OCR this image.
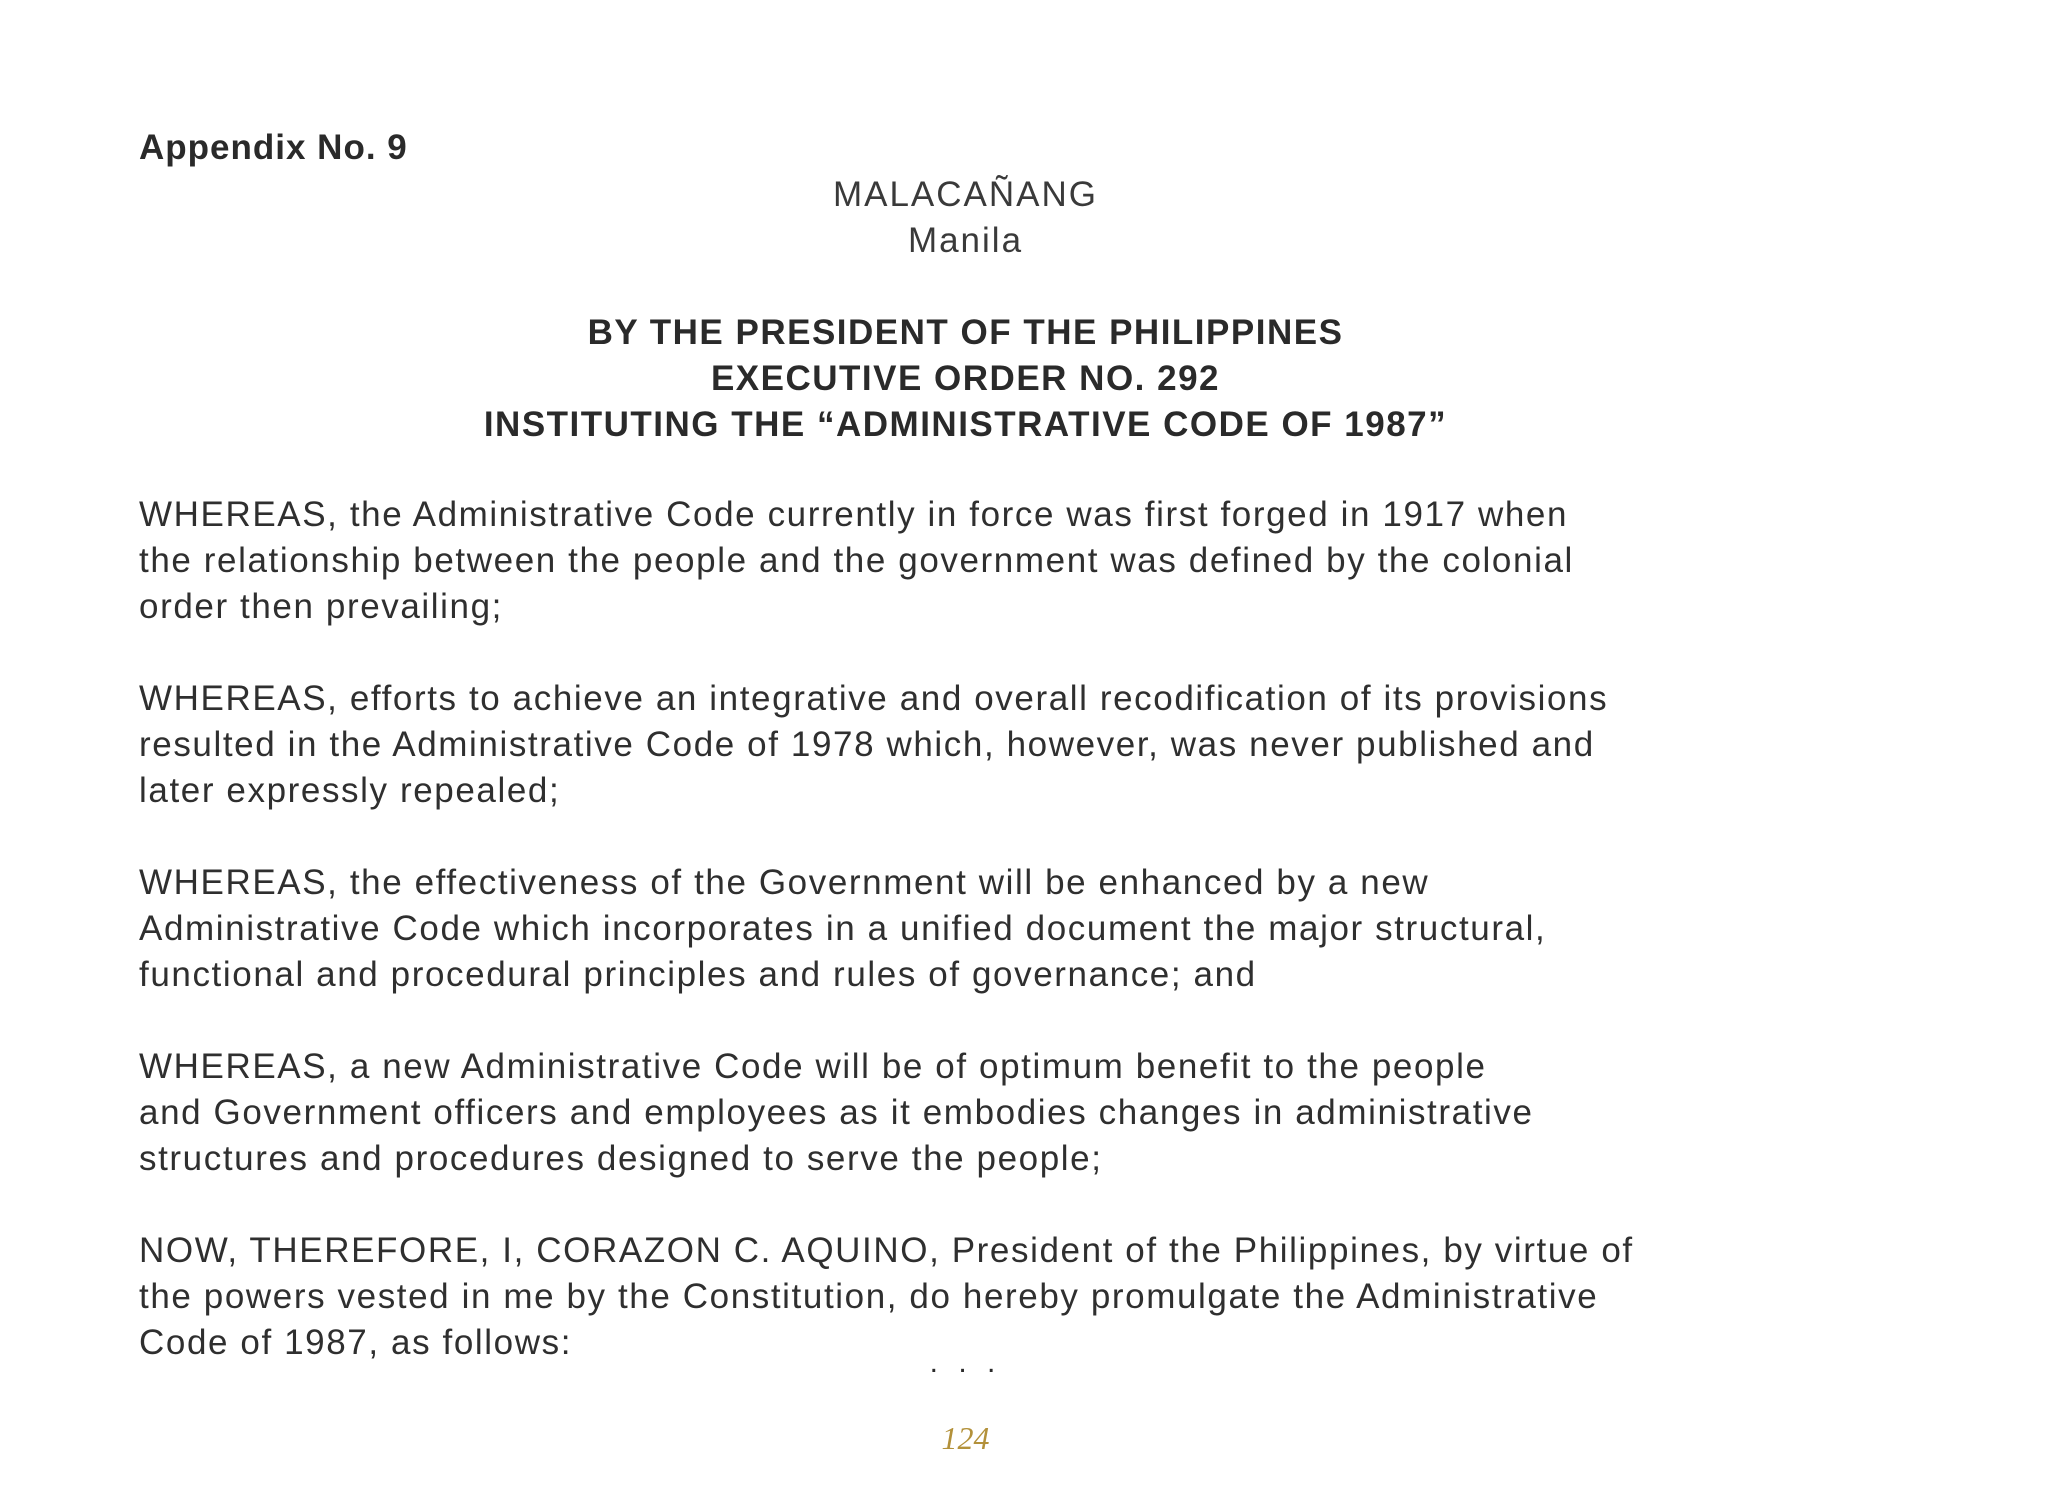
Appendix No. 9
MALACAÑANG
Manila
BY THE PRESIDENT OF THE PHILIPPINES
EXECUTIVE ORDER NO. 292
INSTITUTING THE “ADMINISTRATIVE CODE OF 1987”

WHEREAS, the Administrative Code currently in force was first forged in 1917 when
the relationship between the people and the government was defined by the colonial
order then prevailing;

WHEREAS, efforts to achieve an integrative and overall recodification of its provisions
resulted in the Administrative Code of 1978 which, however, was never published and
later expressly repealed;

WHEREAS, the effectiveness of the Government will be enhanced by a new
Administrative Code which incorporates in a unified document the major structural,
functional and procedural principles and rules of governance; and

WHEREAS, a new Administrative Code will be of optimum benefit to the people
and Government officers and employees as it embodies changes in administrative
structures and procedures designed to serve the people;

NOW, THEREFORE, I, CORAZON C. AQUINO, President of the Philippines, by virtue of
the powers vested in me by the Constitution, do hereby promulgate the Administrative
Code of 1987, as follows:

. . .
124
